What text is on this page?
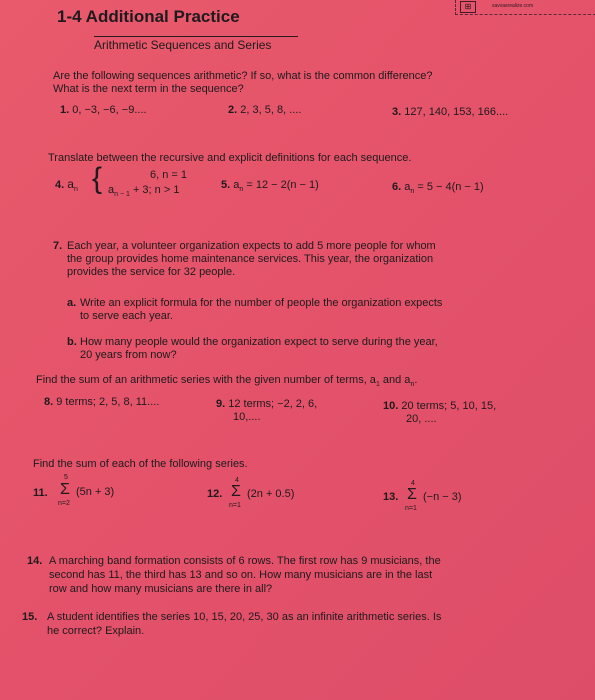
⊞	savvasrealize.com
1-4 Additional Practice
Arithmetic Sequences and Series
Are the following sequences arithmetic? If so, what is the common difference?
What is the next term in the sequence?
1. 0, −3, −6, −9....	2. 2, 3, 5, 8, ....	3. 127, 140, 153, 166....
Translate between the recursive and explicit definitions for each sequence.
4. $a_n$ {	6, n = 1
$a_{n - 1} + 3$; n > 1	5. $a_n = 12 - 2(n - 1)$	6. $a_n = 5 - 4(n - 1)$
7. Each year, a volunteer organization expects to add 5 more people for whom
the group provides home maintenance services. This year, the organization
provides the service for 32 people.
a. Write an explicit formula for the number of people the organization expects
to serve each year.
b. How many people would the organization expect to serve during the year,
20 years from now?
Find the sum of an arithmetic series with the given number of terms, $a_1$ and $a_n$.
8. 9 terms; 2, 5, 8, 11....	9. 12 terms; −2, 2, 6,
10,....
10. 20 terms; 5, 10, 15,
20, ....
Find the sum of each of the following series.
11.
5
Σ
n=2
(5n + 3)	12.
4
Σ
n=1
(2n + 0.5)	13.
4
Σ
n=1
(−n − 3)
14. A marching band formation consists of 6 rows. The first row has 9 musicians, the
second has 11, the third has 13 and so on. How many musicians are in the last
row and how many musicians are there in all?
15. A student identifies the series 10, 15, 20, 25, 30 as an infinite arithmetic series. Is
he correct? Explain.
